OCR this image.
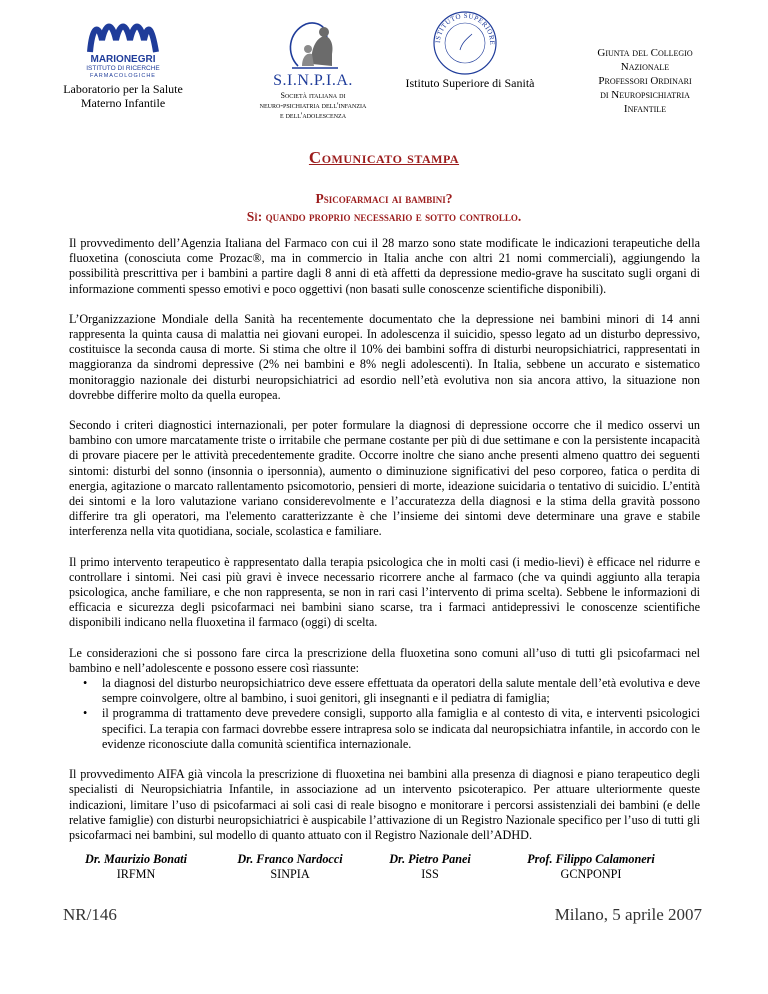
MARIONEGRI
ISTITUTO DI RICERCHE
FARMACOLOGICHE
Laboratorio per la Salute Materno Infantile
S.I.N.P.I.A.
Società italiana di
neuro-psichiatria dell'infanzia
e dell'adolescenza
ISTITUTO SUPERIORE
Istituto Superiore di Sanità
Giunta del Collegio
Nazionale
Professori Ordinari
di Neuropsichiatria
Infantile
Comunicato stampa
Psicofarmaci ai bambini?
Sì: quando proprio necessario e sotto controllo.

Il provvedimento dell’Agenzia Italiana del Farmaco con cui il 28 marzo sono state modificate le indicazioni terapeutiche della fluoxetina (conosciuta come Prozac®, ma in commercio in Italia anche con altri 21 nomi commerciali), aggiungendo la possibilità prescrittiva per i bambini a partire dagli 8 anni di età affetti da depressione medio-grave ha suscitato sugli organi di informazione commenti spesso emotivi e poco oggettivi (non basati sulle conoscenze scientifiche disponibili).

L’Organizzazione Mondiale della Sanità ha recentemente documentato che la depressione nei bambini minori di 14 anni rappresenta la quinta causa di malattia nei giovani europei. In adolescenza il suicidio, spesso legato ad un disturbo depressivo, costituisce la seconda causa di morte. Si stima che oltre il 10% dei bambini soffra di disturbi neuropsichiatrici, rappresentati in maggioranza da sindromi depressive (2% nei bambini e 8% negli adolescenti). In Italia, sebbene un accurato e sistematico monitoraggio nazionale dei disturbi neuropsichiatrici ad esordio nell’età evolutiva non sia ancora attivo, la situazione non dovrebbe differire molto da quella europea.

Secondo i criteri diagnostici internazionali, per poter formulare la diagnosi di depressione occorre che il medico osservi un bambino con umore marcatamente triste o irritabile che permane costante per più di due settimane e con la persistente incapacità di provare piacere per le attività precedentemente gradite. Occorre inoltre che siano anche presenti almeno quattro dei seguenti sintomi: disturbi del sonno (insonnia o ipersonnia), aumento o diminuzione significativi del peso corporeo, fatica o perdita di energia, agitazione o marcato rallentamento psicomotorio, pensieri di morte, ideazione suicidaria o tentativo di suicidio. L’entità dei sintomi e la loro valutazione variano considerevolmente e l’accuratezza della diagnosi e la stima della gravità possono differire tra gli operatori, ma l'elemento caratterizzante è che l’insieme dei sintomi deve determinare una grave e stabile interferenza nella vita quotidiana, sociale, scolastica e familiare.

Il primo intervento terapeutico è rappresentato dalla terapia psicologica che in molti casi (i medio-lievi) è efficace nel ridurre e controllare i sintomi. Nei casi più gravi è invece necessario ricorrere anche al farmaco (che va quindi aggiunto alla terapia psicologica, anche familiare, e che non rappresenta, se non in rari casi l’intervento di prima scelta). Sebbene le informazioni di efficacia e sicurezza degli psicofarmaci nei bambini siano scarse, tra i farmaci antidepressivi le conoscenze scientifiche disponibili indicano nella fluoxetina il farmaco (oggi) di scelta.

Le considerazioni che si possono fare circa la prescrizione della fluoxetina sono comuni all’uso di tutti gli psicofarmaci nel bambino e nell’adolescente e possono essere così riassunte:

• la diagnosi del disturbo neuropsichiatrico deve essere effettuata da operatori della salute mentale dell’età evolutiva e deve sempre coinvolgere, oltre al bambino, i suoi genitori, gli insegnanti e il pediatra di famiglia;
• il programma di trattamento deve prevedere consigli, supporto alla famiglia e al contesto di vita, e interventi psicologici specifici. La terapia con farmaci dovrebbe essere intrapresa solo se indicata dal neuropsichiatra infantile, in accordo con le evidenze riconosciute dalla comunità scientifica internazionale.

Il provvedimento AIFA già vincola la prescrizione di fluoxetina nei bambini alla presenza di diagnosi e piano terapeutico degli specialisti di Neuropsichiatria Infantile, in associazione ad un intervento psicoterapico. Per attuare ulteriormente queste indicazioni, limitare l’uso di psicofarmaci ai soli casi di reale bisogno e monitorare i percorsi assistenziali dei bambini (e delle relative famiglie) con disturbi neuropsichiatrici è auspicabile l’attivazione di un Registro Nazionale specifico per l’uso di tutti gli psicofarmaci nei bambini, sul modello di quanto attuato con il Registro Nazionale dell’ADHD.

Dr. Maurizio Bonati
IRFMN
Dr. Franco Nardocci
SINPIA
Dr. Pietro Panei
ISS
Prof. Filippo Calamoneri
GCNPONPI
NR/146	Milano, 5 aprile 2007
